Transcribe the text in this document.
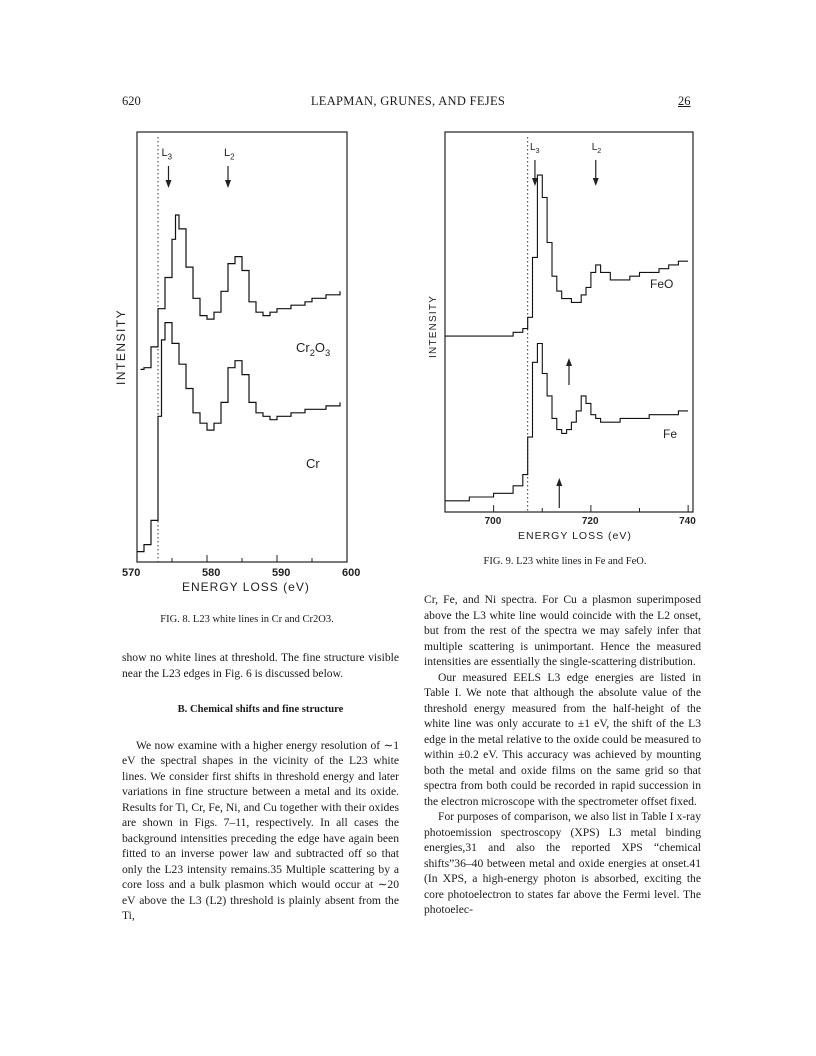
620	LEAPMAN, GRUNES, AND FEJES	26
570	580	590	600
ENERGY LOSS (eV)
INTENSITY
$L_3$	$L_2$
$Cr_2O_3$
Cr
700	720	740
ENERGY LOSS (eV)
INTENSITY
$L_3$	$L_2$
FeO
Fe
FIG. 9. L23 white lines in Fe and FeO.
FIG. 8. L23 white lines in Cr and Cr2O3.

show no white lines at threshold. The fine structure visible near the L23 edges in Fig. 6 is discussed below.

B. Chemical shifts and fine structure

We now examine with a higher energy resolution of ∼1 eV the spectral shapes in the vicinity of the L23 white lines. We consider first shifts in threshold energy and later variations in fine structure between a metal and its oxide. Results for Ti, Cr, Fe, Ni, and Cu together with their oxides are shown in Figs. 7–11, respectively. In all cases the background intensities preceding the edge have again been fitted to an inverse power law and subtracted off so that only the L23 intensity remains.35 Multiple scattering by a core loss and a bulk plasmon which would occur at ∼20 eV above the L3 (L2) threshold is plainly absent from the Ti,

Cr, Fe, and Ni spectra. For Cu a plasmon superimposed above the L3 white line would coincide with the L2 onset, but from the rest of the spectra we may safely infer that multiple scattering is unimportant. Hence the measured intensities are essentially the single-scattering distribution.

Our measured EELS L3 edge energies are listed in Table I. We note that although the absolute value of the threshold energy measured from the half-height of the white line was only accurate to ±1 eV, the shift of the L3 edge in the metal relative to the oxide could be measured to within ±0.2 eV. This accuracy was achieved by mounting both the metal and oxide films on the same grid so that spectra from both could be recorded in rapid succession in the electron microscope with the spectrometer offset fixed.

For purposes of comparison, we also list in Table I x-ray photoemission spectroscopy (XPS) L3 metal binding energies,31 and also the reported XPS “chemical shifts”36–40 between metal and oxide energies at onset.41 (In XPS, a high-energy photon is absorbed, exciting the core photoelectron to states far above the Fermi level. The photoelec-
